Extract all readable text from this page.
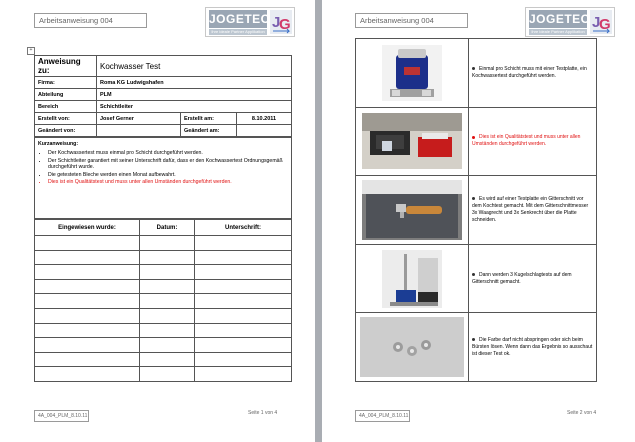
Arbeitsanweisung 004	JOGETEC
Ihre ideale Partner Applikation
J
G
+
Anweisung zu:	Kochwasser Test		
Firma:	Roma KG Ludwigshafen		
Abteilung	PLM		
Bereich	Schichtleiter		
Erstellt von:	Josef Gerner	Erstellt am:	8.10.2011
Geändert von:		Geändert am:	
Kurzanweisung:
• Der Kochwassertest muss einmal pro Schicht durchgeführt werden.
• Der Schichtleiter garantiert mit seiner Unterschrift dafür, dass er den Kochwassertest Ordnungsgemäß durchgeführt wurde.
• Die getesteten Bleche werden einen Monat aufbewahrt.
• Dies ist ein Qualitätstest und muss unter allen Umständen durchgeführt werden.
Eingewiesen wurde:	Datum:	Unterschrift:

4A_004_PLM_8.10.11	Seite 1 von 4
Arbeitsanweisung 004	JOGETEC
Ihre ideale Partner Applikation
J
G
	Einmal pro Schicht muss mit einer Testplatte, ein Kochwassertest durchgeführt werden.

	Dies ist ein Qualitätstest und muss unter allen Umständen durchgeführt werden.

	Es wird auf einer Testplatte ein Gitterschnitt vor dem Kochtest gemacht. Mit dem Gitterschnittmesser 3x Waagrecht und 3x Senkrecht über die Platte schneiden.

	Dann werden 3 Kugelschlagtests auf dem Gitterschnitt gemacht.

	Die Farbe darf nicht abspringen oder sich beim Bürsten lösen. Wenn dann das Ergebnis so ausschaut ist dieser Test ok.
4A_004_PLM_8.10.11	Seite 2 von 4
